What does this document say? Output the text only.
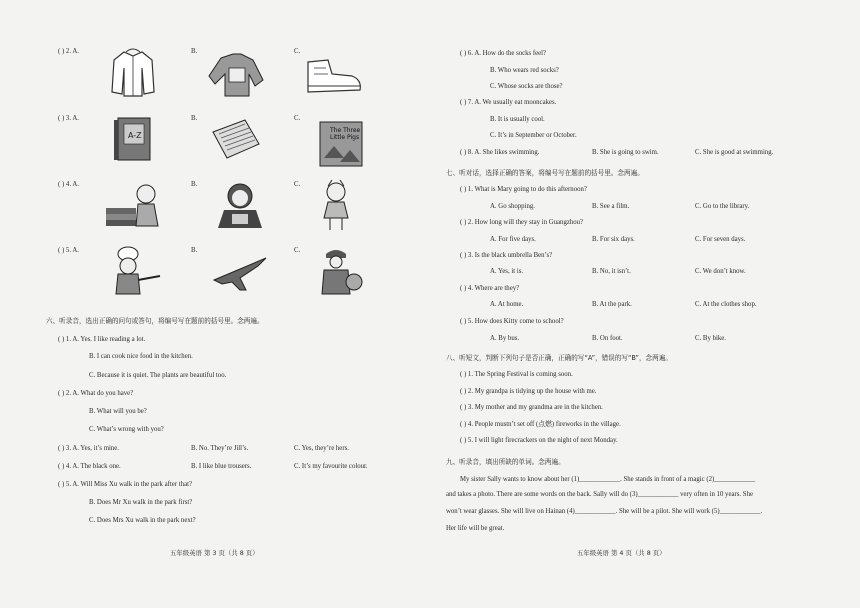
( ) 2. A.	B.	C.
( ) 3. A.
A-Z
B.	C.
The Three
Little Pigs
( ) 4. A.	B.	C.
( ) 5. A.	B.	C.
六、听录音，选出正确的问句或答句，将编号写在题前的括号里。念两遍。
( ) 1. A. Yes. I like reading a lot.
B. I can cook nice food in the kitchen.
C. Because it is quiet. The plants are beautiful too.
( ) 2. A. What do you have?
B. What will you be?
C. What’s wrong with you?
( ) 3. A. Yes, it’s mine.	B. No. They’re Jill’s.	C. Yes, they’re hers.
( ) 4. A. The black one.	B. I like blue trousers.	C. It’s my favourite colour.
( ) 5. A. Will Miss Xu walk in the park after that?
B. Does Mr Xu walk in the park first?
C. Does Mrs Xu walk in the park next?
五年级英语 第 3 页（共 8 页）
( ) 6. A. How do the socks feel?
B. Who wears red socks?
C. Whose socks are those?
( ) 7. A. We usually eat mooncakes.
B. It is usually cool.
C. It’s in September or October.
( ) 8. A. She likes swimming.	B. She is going to swim.	C. She is good at swimming.
七、听对话，选择正确的答案，将编号写在题前的括号里。念两遍。
( ) 1. What is Mary going to do this afternoon?
A. Go shopping.	B. See a film.	C. Go to the library.
( ) 2. How long will they stay in Guangzhou?
A. For five days.	B. For six days.	C. For seven days.
( ) 3. Is the black umbrella Ben’s?
A. Yes, it is.	B. No, it isn’t.	C. We don’t know.
( ) 4. Where are they?
A. At home.	B. At the park.	C. At the clothes shop.
( ) 5. How does Kitty come to school?
A. By bus.	B. On foot.	C. By bike.
八、听短文，判断下列句子是否正确，正确的写“A”，错误的写“B”，念两遍。
( ) 1. The Spring Festival is coming soon.
( ) 2. My grandpa is tidying up the house with me.
( ) 3. My mother and my grandma are in the kitchen.
( ) 4. People mustn’t set off (点燃) fireworks in the village.
( ) 5. I will light firecrackers on the night of next Monday.
九、听录音，填出所缺的单词。念两遍。
My sister Sally wants to know about her (1)____________. She stands in front of a magic (2)____________
and takes a photo. There are some words on the back. Sally will do (3)____________ very often in 10 years. She
won’t wear glasses. She will live on Hainan (4)____________. She will be a pilot. She will work (5)____________.
Her life will be great.
五年级英语 第 4 页（共 8 页）
